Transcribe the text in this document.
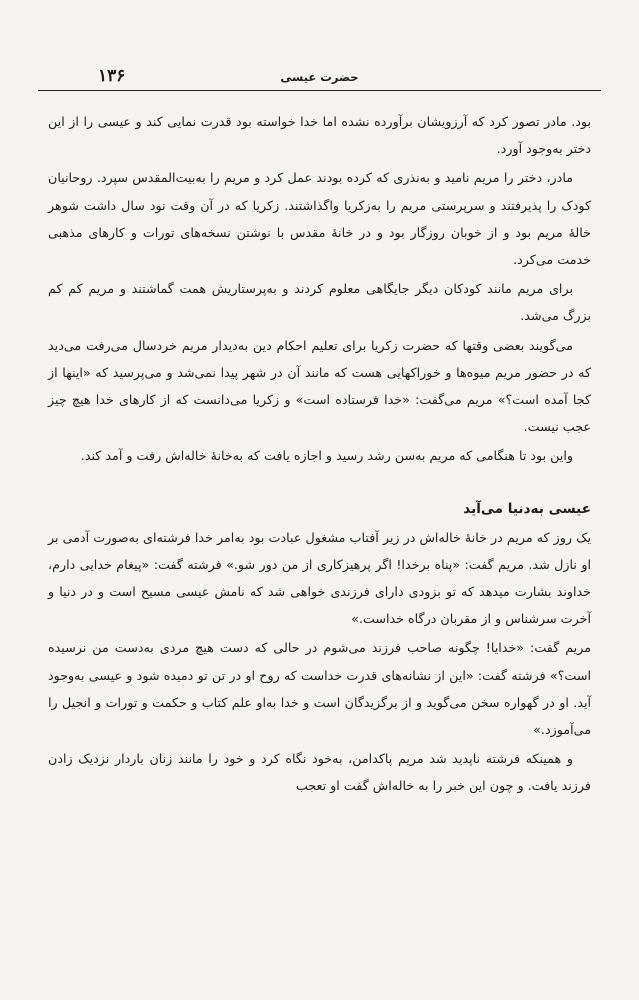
۱۳۶	حضرت عیسی

بود. مادر تصور کرد که آرزویشان برآورده نشده اما خدا خواسته بود قدرت نمایی کند و عیسی را از این دختر به‌وجود آورد.

مادر، دختر را مریم نامید و به‌نذری که کرده بودند عمل کرد و مریم را به‌بیت‌المقدس سپرد. روحانیان کودک را پذیرفتند و سرپرستی مریم را به‌زکریا واگذاشتند. زکریا که در آن وقت نود سال داشت شوهر خالهٔ مریم بود و از خوبان روزگار بود و در خانهٔ مقدس با نوشتن نسخه‌های تورات و کارهای مذهبی خدمت می‌کرد.

برای مریم مانند کودکان دیگر جایگاهی معلوم کردند و به‌پرستاریش همت گماشتند و مریم کم کم بزرگ می‌شد.

می‌گویند بعضی وقتها که حضرت زکریا برای تعلیم احکام دین به‌دیدار مریم خردسال می‌رفت می‌دید که در حضور مریم میوه‌ها و خوراکهایی هست که مانند آن در شهر پیدا نمی‌شد و می‌پرسید که «اینها از کجا آمده است؟» مریم می‌گفت: «خدا فرستاده است» و زکریا می‌دانست که از کارهای خدا هیچ چیز عجب نیست.

واین بود تا هنگامی که مریم به‌سن رشد رسید و اجازه یافت که به‌خانهٔ خاله‌اش رفت و آمد کند.

عیسی به‌دنیا می‌آید

یک روز که مریم در خانهٔ خاله‌اش در زیر آفتاب مشغول عبادت بود به‌امر خدا فرشته‌ای به‌صورت آدمی بر او نازل شد. مریم گفت: «پناه برخدا! اگر پرهیزکاری از من دور شو.» فرشته گفت: «پیغام خدایی دارم، خداوند بشارت میدهد که تو بزودی دارای فرزندی خواهی شد که نامش عیسی مسیح است و در دنیا و آخرت سرشناس و از مقربان درگاه خداست.»

مریم گفت: «خدایا! چگونه صاحب فرزند می‌شوم در حالی که دست هیچ مردی به‌دست من نرسیده است؟» فرشته گفت: «این از نشانه‌های قدرت خداست که روح او در تن تو دمیده شود و عیسی به‌وجود آید. او در گهواره سخن می‌گوید و از برگزیدگان است و خدا به‌او علم کتاب و حکمت و تورات و انجیل را می‌آموزد.»

و همینکه فرشته ناپدید شد مریم پاکدامن، به‌خود نگاه کرد و خود را مانند زنان باردار نزدیک زادن فرزند یافت. و چون این خبر را به خاله‌اش گفت او تعجب
